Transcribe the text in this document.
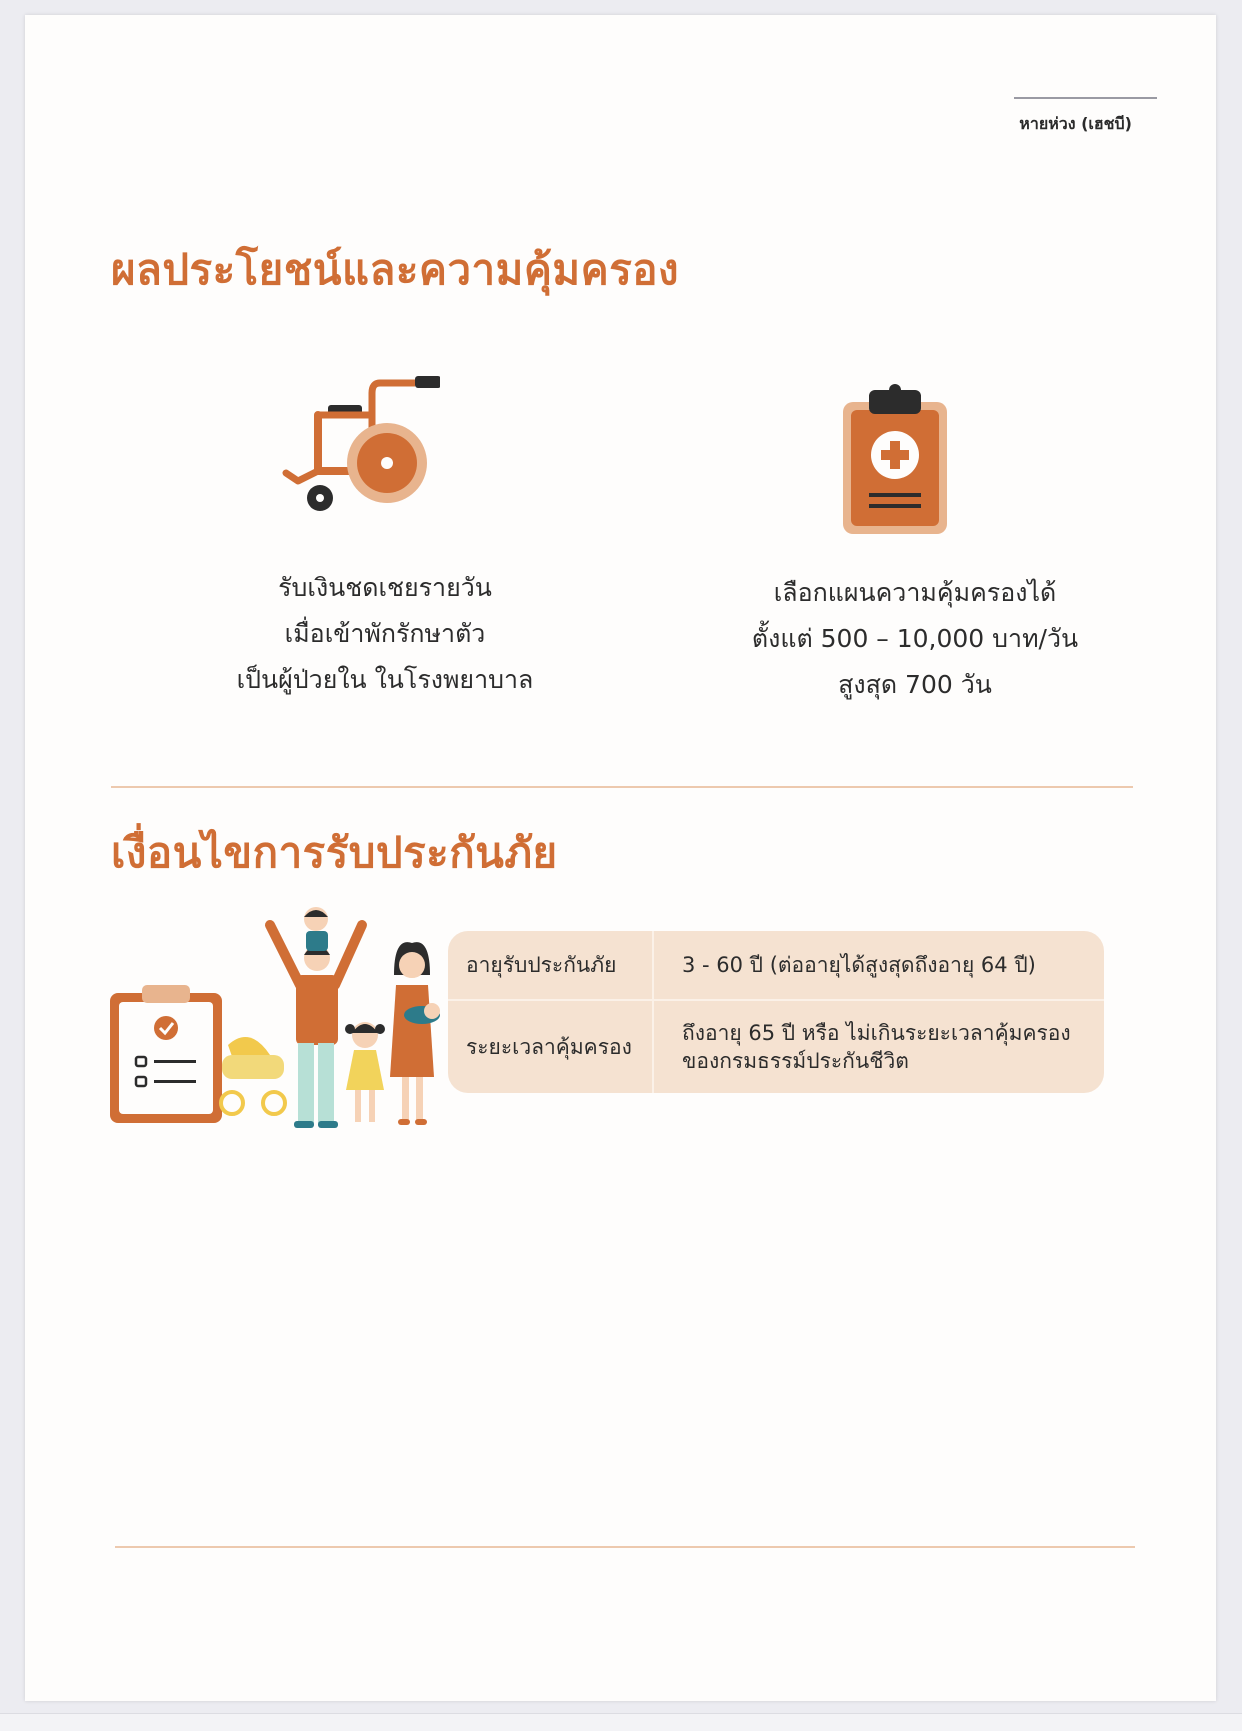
หายห่วง (เฮชบี)
ผลประโยชน์และความคุ้มครอง
รับเงินชดเชยรายวัน
เมื่อเข้าพักรักษาตัว
เป็นผู้ป่วยใน ในโรงพยาบาล
เลือกแผนความคุ้มครองได้
ตั้งแต่ 500 – 10,000 บาท/วัน
สูงสุด 700 วัน
เงื่อนไขการรับประกันภัย
อายุรับประกันภัย	3 - 60 ปี (ต่ออายุได้สูงสุดถึงอายุ 64 ปี)
ระยะเวลาคุ้มครอง
ถึงอายุ 65 ปี หรือ ไม่เกินระยะเวลาคุ้มครอง
ของกรมธรรม์ประกันชีวิต
